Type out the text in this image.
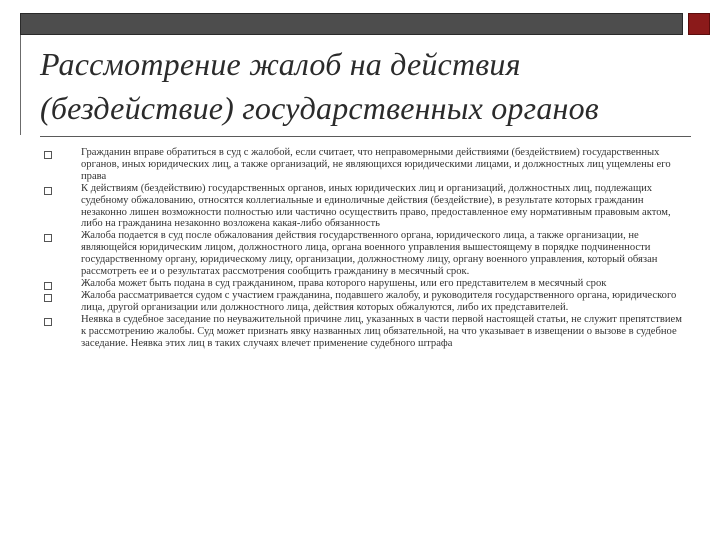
Рассмотрение жалоб на действия
(бездействие) государственных органов
Гражданин вправе обратиться в суд с жалобой, если считает, что неправомерными действиями (бездействием) государственных органов, иных юридических лиц, а также организаций, не являющихся юридическими лицами, и должностных лиц ущемлены его права
К действиям (бездействию) государственных органов, иных юридических лиц и организаций, должностных лиц, подлежащих судебному обжалованию, относятся коллегиальные и единоличные действия (бездействие), в результате которых гражданин незаконно лишен возможности полностью или частично осуществить право, предоставленное ему нормативным правовым актом, либо на гражданина незаконно возложена какая-либо обязанность
Жалоба подается в суд после обжалования действия государственного органа, юридического лица, а также организации, не являющейся юридическим лицом, должностного лица, органа военного управления вышестоящему в порядке подчиненности государственному органу, юридическому лицу, организации, должностному лицу, органу военного управления, который обязан рассмотреть ее и о результатах рассмотрения сообщить гражданину в месячный срок.
Жалоба может быть подана в суд гражданином, права которого нарушены, или его представителем в месячный срок
Жалоба рассматривается судом с участием гражданина, подавшего жалобу, и руководителя государственного органа, юридического лица, другой организации или должностного лица, действия которых обжалуются, либо их представителей.
Неявка в судебное заседание по неуважительной причине лиц, указанных в части первой настоящей статьи, не служит препятствием к рассмотрению жалобы. Суд может признать явку названных лиц обязательной, на что указывает в извещении о вызове в судебное заседание. Неявка этих лиц в таких случаях влечет применение судебного штрафа
